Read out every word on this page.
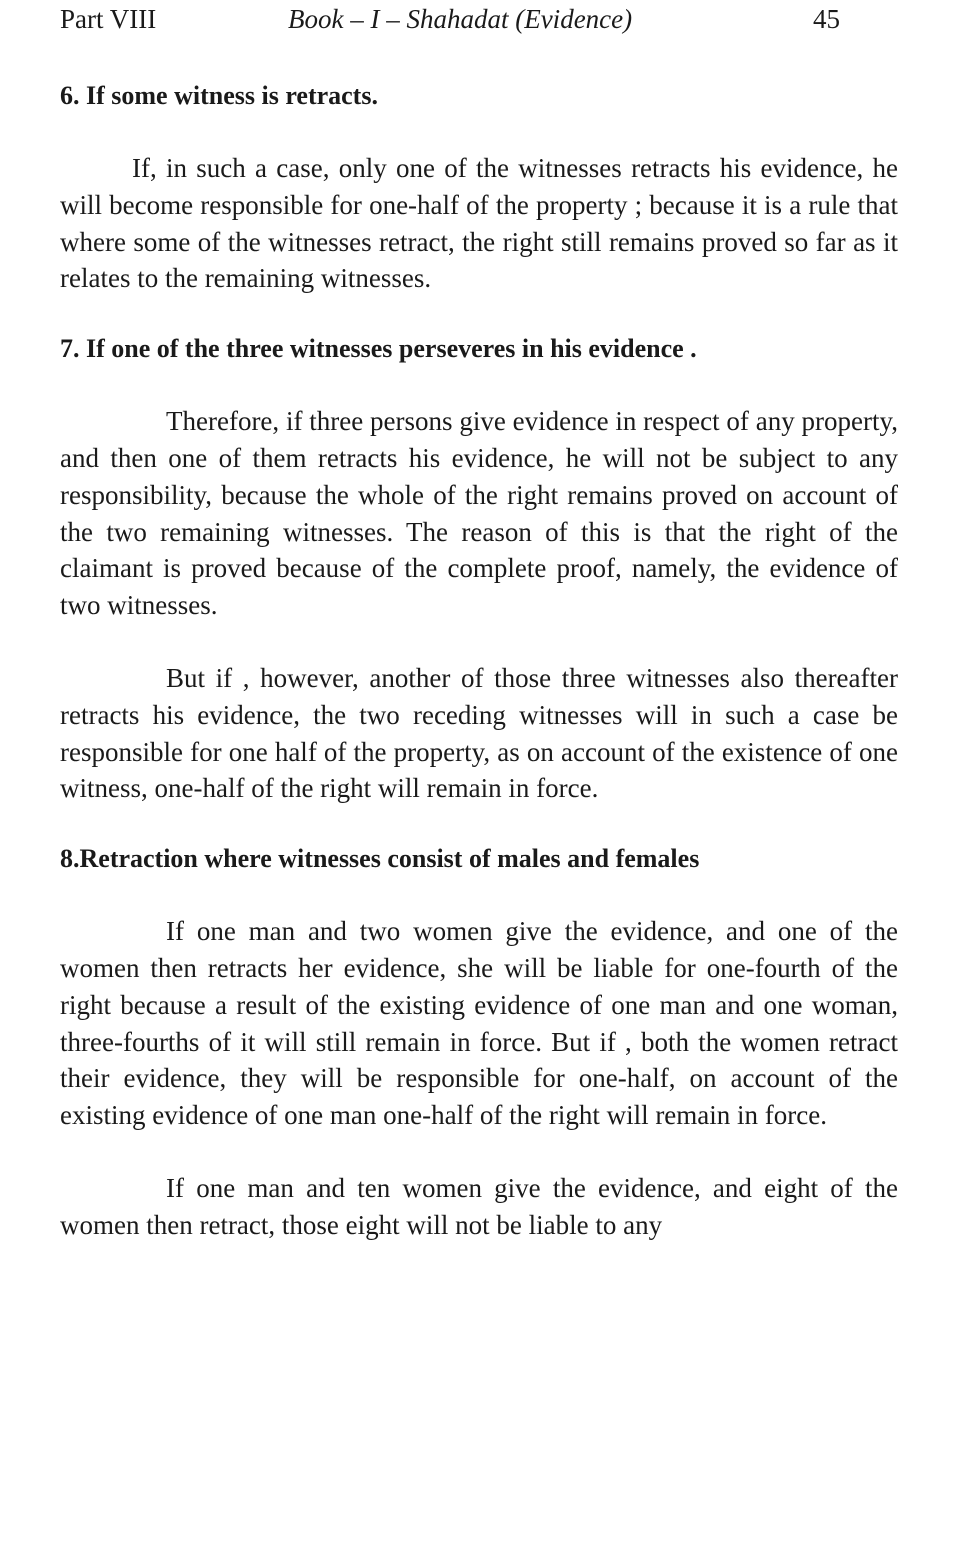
Part VIII	Book – I – Shahadat (Evidence)	45

6. If some witness is retracts.

If, in such a case, only one of the witnesses retracts his evidence, he will become responsible for one-half of the property ; because it is a rule that where some of the witnesses retract, the right still remains proved so far as it relates to the remaining witnesses.

7. If one of the three witnesses perseveres in his evidence .

Therefore, if three persons give evidence in respect of any property, and then one of them retracts his evidence, he will not be subject to any responsibility, because the whole of the right remains proved on account of the two remaining witnesses. The reason of this is that the right of the claimant is proved because of the complete proof, namely, the evidence of two witnesses.

But if , however, another of those three witnesses also thereafter retracts his evidence, the two receding witnesses will in such a case be responsible for one half of the property, as on account of the existence of one witness, one-half of the right will remain in force.

8.Retraction where witnesses consist of males and females

If one man and two women give the evidence, and one of the women then retracts her evidence, she will be liable for one-fourth of the right because a result of the existing evidence of one man and one woman, three-fourths of it will still remain in force. But if , both the women retract their evidence, they will be responsible for one-half, on account of the existing evidence of one man one-half of the right will remain in force.

If one man and ten women give the evidence, and eight of the women then retract, those eight will not be liable to any
